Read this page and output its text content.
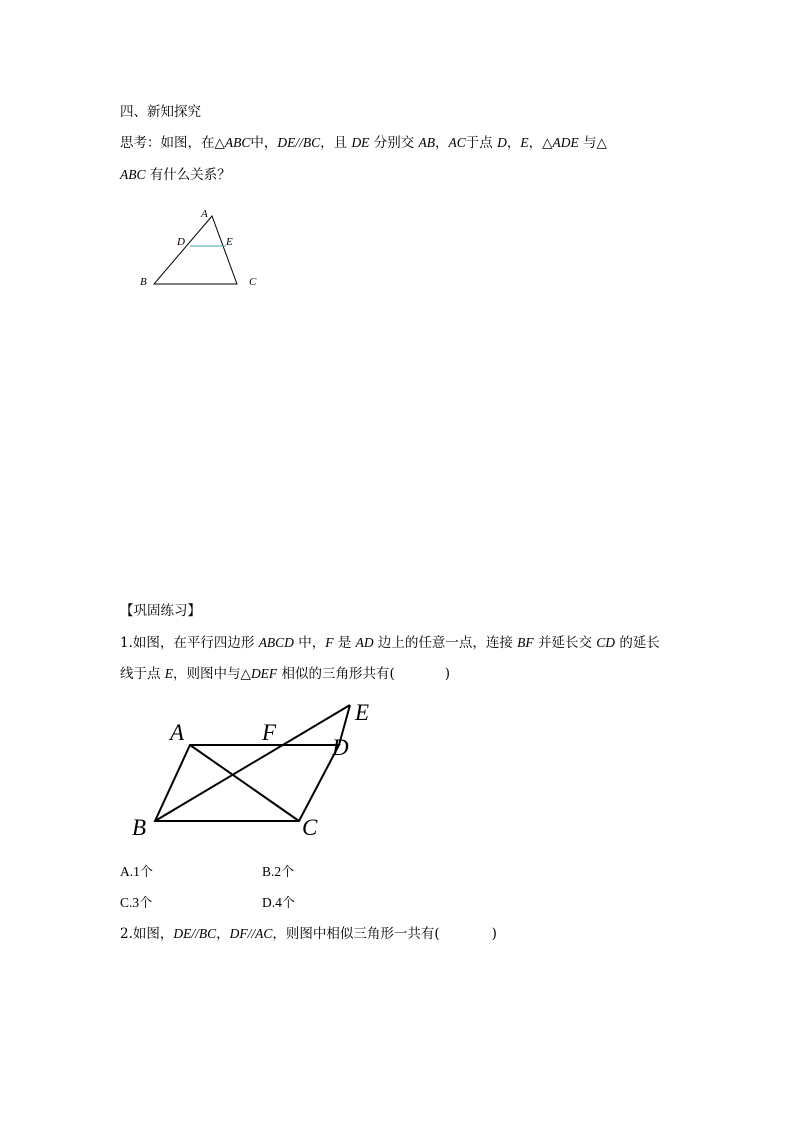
四、新知探究
思考：如图，在△ABC中，DE//BC，且 DE 分别交 AB，AC于点 D，E，△ADE 与△
ABC 有什么关系？
A
D	E
B	C
【巩固练习】
1.如图，在平行四边形 ABCD 中，F 是 AD 边上的任意一点，连接 BF 并延长交 CD 的延长
线于点 E，则图中与△DEF 相似的三角形共有(	)
A	F
D
E
B	C
A.1个	B.2个
C.3个	D.4个
2.如图，DE//BC，DF//AC，则图中相似三角形一共有(	)
